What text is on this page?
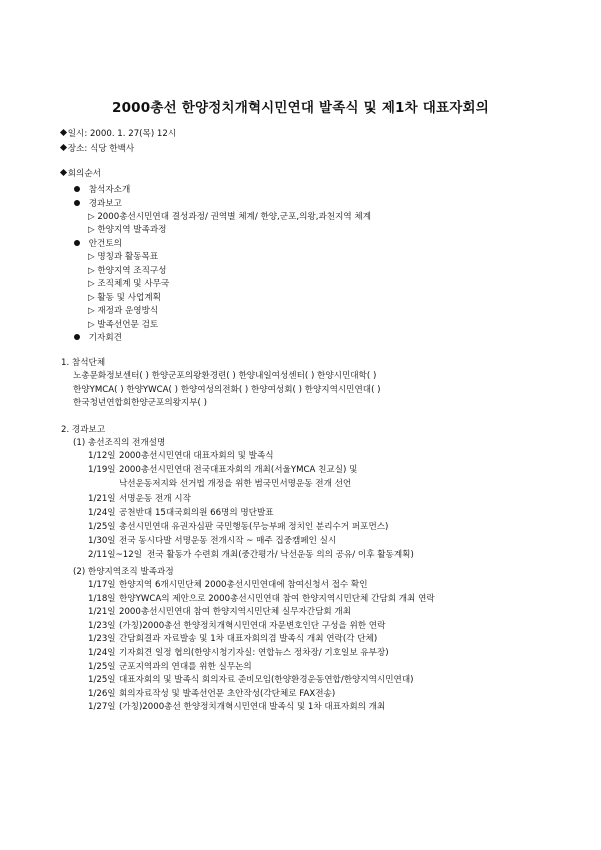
2000총선 한양정치개혁시민연대 발족식 및 제1차 대표자회의
일시: 2000. 1. 27(목) 12시
장소: 식당 한백사
회의순서
참석자소개
경과보고
▷ 2000총선시민연대 결성과정/ 권역별 체계/ 한양,군포,의왕,과천지역 체계
▷ 한양지역 발족과정
안건토의
▷ 명칭과 활동목표
▷ 한양지역 조직구성
▷ 조직체계 및 사무국
▷ 활동 및 사업계획
▷ 재정과 운영방식
▷ 발족선언문 검토
기자회견
1. 참석단체
노총문화정보센터( ) 한양군포의왕환경련( ) 한양내일여성센터( ) 한양시민대학( )
한양YMCA( ) 한양YWCA( ) 한양여성의전화( ) 한양여성회( ) 한양지역시민연대( )
한국청년연합회한양군포의왕지부( )
2. 경과보고
(1) 총선조직의 전개설명
1/12일 2000총선시민연대 대표자회의 및 발족식
1/19일 2000총선시민연대 전국대표자회의 개최(서울YMCA 친교실) 및
낙선운동저지와 선거법 개정을 위한 범국민서명운동 전개 선언
1/21일 서명운동 전개 시작
1/24일 공천반대 15대국회의원 66명의 명단발표
1/25일 총선시민연대 유권자심판 국민행동(무능부패 정치인 분리수거 퍼포먼스)
1/30일 전국 동시다발 서명운동 전개시작 ~ 매주 집중캠페인 실시
2/11일~12일 전국 활동가 수련회 개최(중간평가/ 낙선운동 의의 공유/ 이후 활동계획)
(2) 한양지역조직 발족과정
1/17일 한양지역 6개시민단체 2000총선시민연대에 참여신청서 접수 확인
1/18일 한양YWCA의 제안으로 2000총선시민연대 참여 한양지역시민단체 간담회 개최 연락
1/21일 2000총선시민연대 참여 한양지역시민단체 실무자간담회 개최
1/23일 (가칭)2000총선 한양정치개혁시민연대 자문변호인단 구성을 위한 연락
1/23일 간담회결과 자료발송 및 1차 대표자회의겸 발족식 개최 연락(각 단체)
1/24일 기자회견 일정 협의(한양시청기자실: 연합뉴스 정차장/ 기호일보 유부장)
1/25일 군포지역과의 연대를 위한 실무논의
1/25일 대표자회의 및 발족식 회의자료 준비모임(한양환경운동연합/한양지역시민연대)
1/26일 회의자료작성 및 발족선언문 초안작성(각단체로 FAX전송)
1/27일 (가칭)2000총선 한양정치개혁시민연대 발족식 및 1차 대표자회의 개최
